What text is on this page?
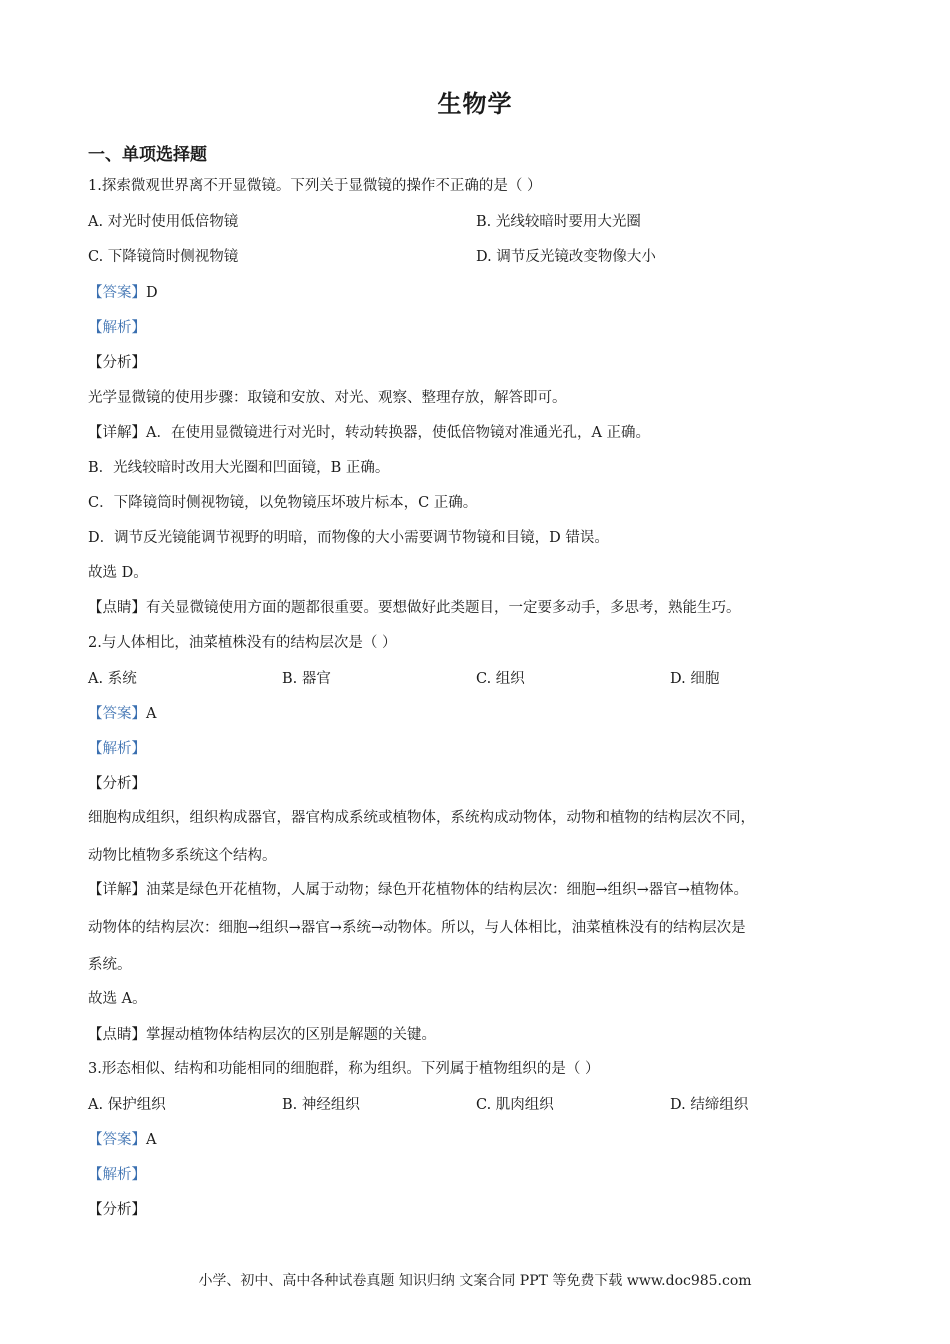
生物学
一、单项选择题
1.探索微观世界离不开显微镜。下列关于显微镜的操作不正确的是（ ）
A. 对光时使用低倍物镜	B. 光线较暗时要用大光圈
C. 下降镜筒时侧视物镜	D. 调节反光镜改变物像大小
【答案】D
【解析】
【分析】
光学显微镜的使用步骤：取镜和安放、对光、观察、整理存放，解答即可。
【详解】A．在使用显微镜进行对光时，转动转换器，使低倍物镜对准通光孔，A 正确。
B．光线较暗时改用大光圈和凹面镜，B 正确。
C．下降镜筒时侧视物镜，以免物镜压坏玻片标本，C 正确。
D．调节反光镜能调节视野的明暗，而物像的大小需要调节物镜和目镜，D 错误。
故选 D。
【点睛】有关显微镜使用方面的题都很重要。要想做好此类题目，一定要多动手，多思考，熟能生巧。
2.与人体相比，油菜植株没有的结构层次是（ ）
A. 系统	B. 器官	C. 组织	D. 细胞
【答案】A
【解析】
【分析】
细胞构成组织，组织构成器官，器官构成系统或植物体，系统构成动物体，动物和植物的结构层次不同，
动物比植物多系统这个结构。
【详解】油菜是绿色开花植物，人属于动物；绿色开花植物体的结构层次：细胞→组织→器官→植物体。
动物体的结构层次：细胞→组织→器官→系统→动物体。所以，与人体相比，油菜植株没有的结构层次是
系统。
故选 A。
【点睛】掌握动植物体结构层次的区别是解题的关键。
3.形态相似、结构和功能相同的细胞群，称为组织。下列属于植物组织的是（ ）
A. 保护组织	B. 神经组织	C. 肌肉组织	D. 结缔组织
【答案】A
【解析】
【分析】
小学、初中、高中各种试卷真题 知识归纳 文案合同 PPT 等免费下载 www.doc985.com
